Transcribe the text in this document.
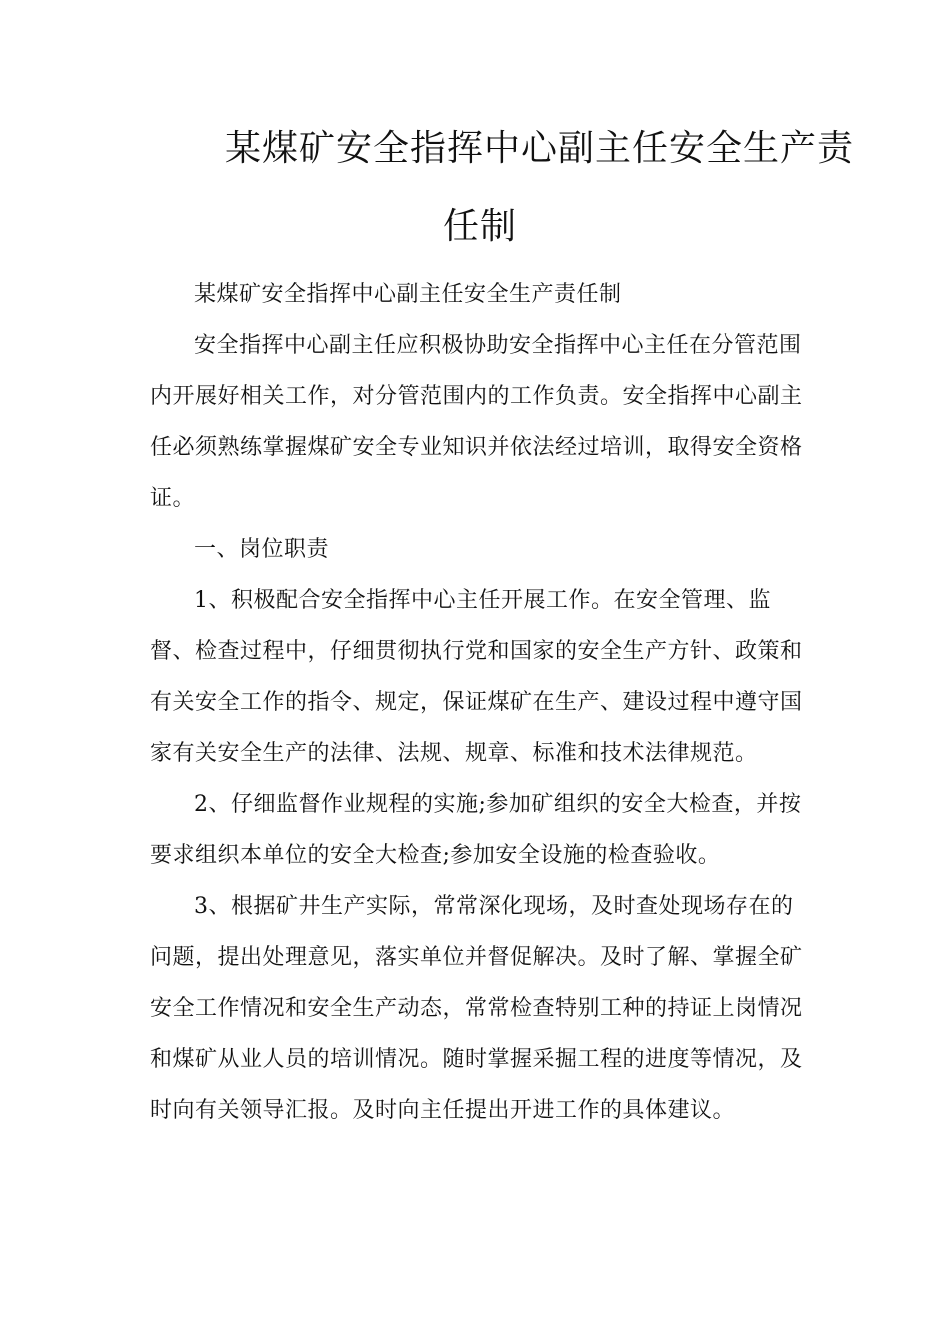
某煤矿安全指挥中心副主任安全生产责
任制
某煤矿安全指挥中心副主任安全生产责任制
安全指挥中心副主任应积极协助安全指挥中心主任在分管范围
内开展好相关工作，对分管范围内的工作负责。安全指挥中心副主
任必须熟练掌握煤矿安全专业知识并依法经过培训，取得安全资格
证。
一、岗位职责
1、积极配合安全指挥中心主任开展工作。在安全管理、监
督、检查过程中，仔细贯彻执行党和国家的安全生产方针、政策和
有关安全工作的指令、规定，保证煤矿在生产、建设过程中遵守国
家有关安全生产的法律、法规、规章、标准和技术法律规范。
2、仔细监督作业规程的实施;参加矿组织的安全大检查，并按
要求组织本单位的安全大检查;参加安全设施的检查验收。
3、根据矿井生产实际，常常深化现场，及时查处现场存在的
问题，提出处理意见，落实单位并督促解决。及时了解、掌握全矿
安全工作情况和安全生产动态，常常检查特别工种的持证上岗情况
和煤矿从业人员的培训情况。随时掌握采掘工程的进度等情况，及
时向有关领导汇报。及时向主任提出开进工作的具体建议。
